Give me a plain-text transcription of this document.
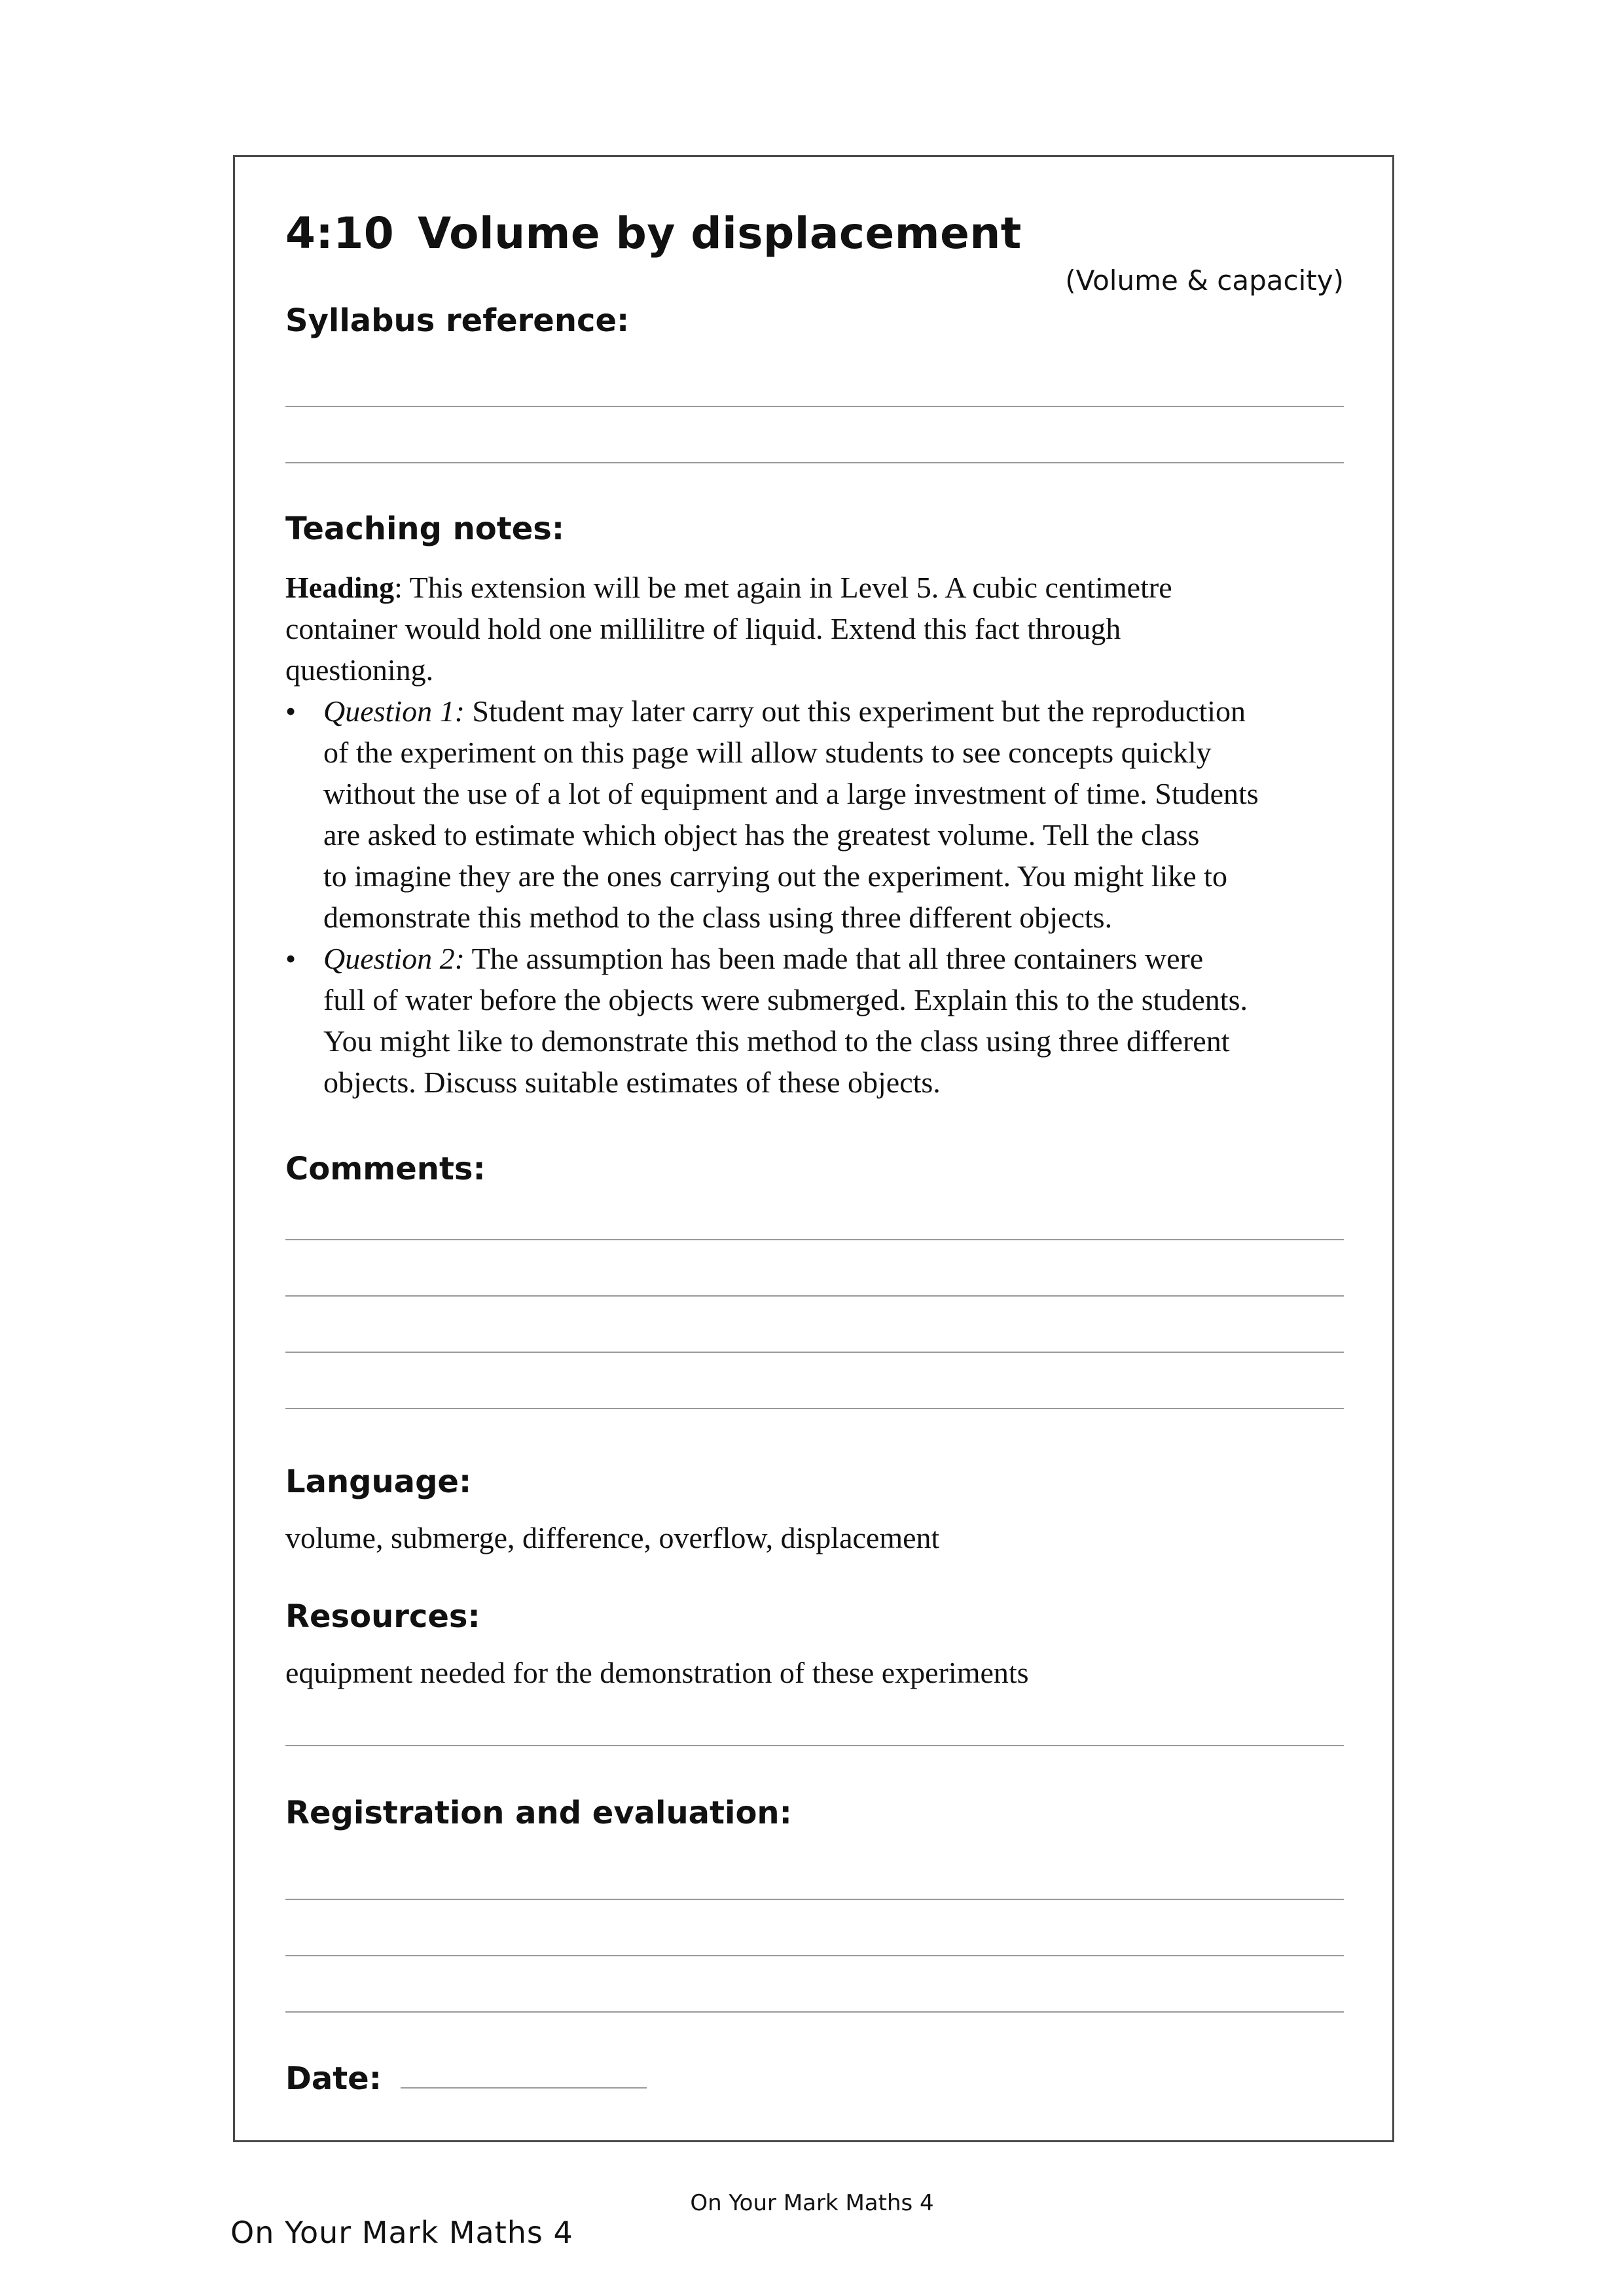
4:10 Volume by displacement
(Volume & capacity)
Syllabus reference:
Teaching notes:
Heading: This extension will be met again in Level 5. A cubic centimetre
container would hold one millilitre of liquid. Extend this fact through
questioning.
• Question 1: Student may later carry out this experiment but the reproduction
of the experiment on this page will allow students to see concepts quickly
without the use of a lot of equipment and a large investment of time. Students
are asked to estimate which object has the greatest volume. Tell the class
to imagine they are the ones carrying out the experiment. You might like to
demonstrate this method to the class using three different objects.
• Question 2: The assumption has been made that all three containers were
full of water before the objects were submerged. Explain this to the students.
You might like to demonstrate this method to the class using three different
objects. Discuss suitable estimates of these objects.
Comments:
Language:
volume, submerge, difference, overflow, displacement
Resources:
equipment needed for the demonstration of these experiments
Registration and evaluation:
Date:
On Your Mark Maths 4
On Your Mark Maths 4
